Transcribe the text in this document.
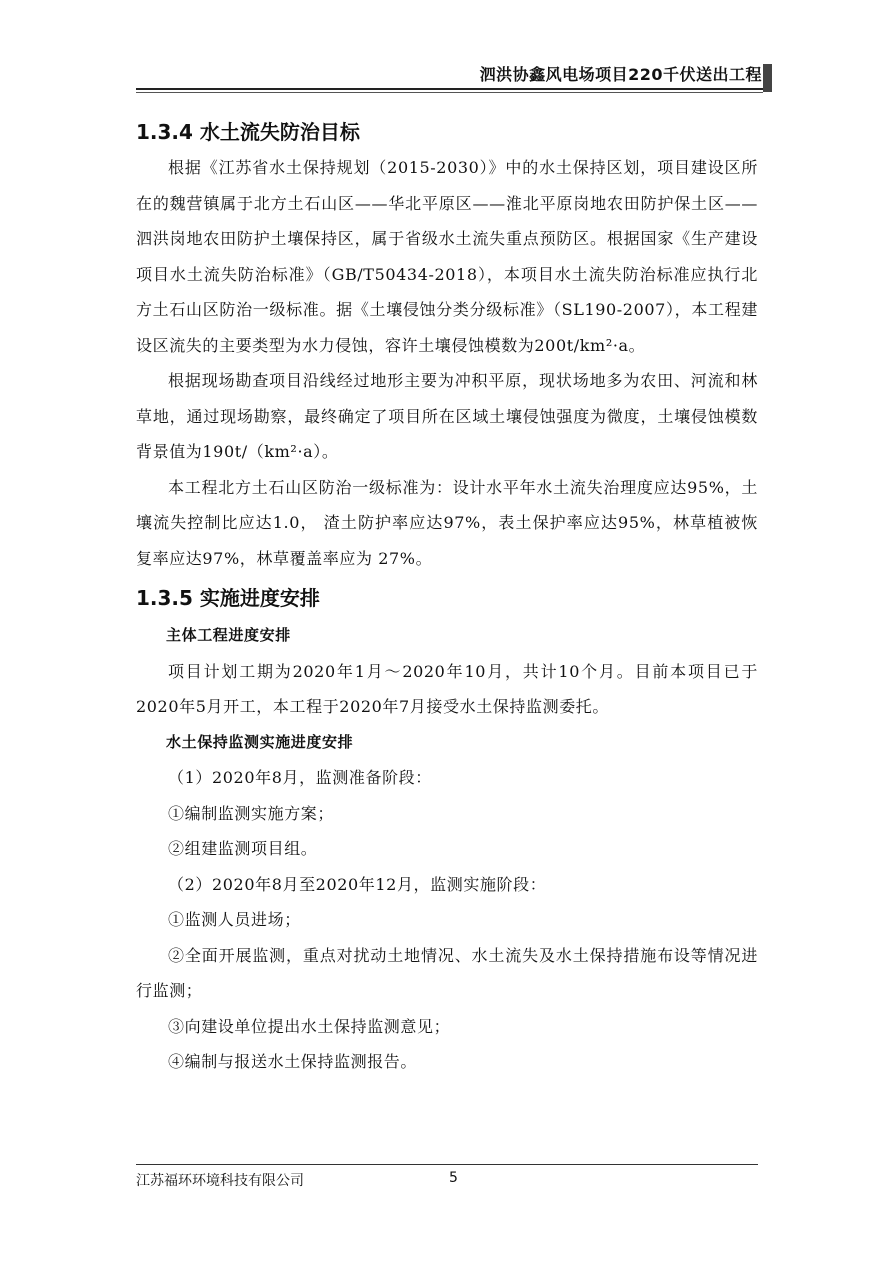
泗洪协鑫风电场项目220千伏送出工程
1.3.4 水土流失防治目标

根据《江苏省水土保持规划（2015-2030）》中的水土保持区划，项目建设区所在的魏营镇属于北方土石山区——华北平原区——淮北平原岗地农田防护保土区——泗洪岗地农田防护土壤保持区，属于省级水土流失重点预防区。根据国家《生产建设项目水土流失防治标准》（GB/T50434-2018），本项目水土流失防治标准应执行北方土石山区防治一级标准。据《土壤侵蚀分类分级标准》（SL190-2007），本工程建设区流失的主要类型为水力侵蚀，容许土壤侵蚀模数为200t/km²·a。

根据现场勘查项目沿线经过地形主要为冲积平原，现状场地多为农田、河流和林草地，通过现场勘察，最终确定了项目所在区域土壤侵蚀强度为微度，土壤侵蚀模数背景值为190t/（km²·a）。

本工程北方土石山区防治一级标准为：设计水平年水土流失治理度应达95%，土壤流失控制比应达1.0， 渣土防护率应达97%，表土保护率应达95%，林草植被恢复率应达97%，林草覆盖率应为 27%。

1.3.5 实施进度安排

主体工程进度安排

项目计划工期为2020年1月～2020年10月，共计10个月。目前本项目已于2020年5月开工，本工程于2020年7月接受水土保持监测委托。

水土保持监测实施进度安排

（1）2020年8月，监测准备阶段：

①编制监测实施方案；

②组建监测项目组。

（2）2020年8月至2020年12月，监测实施阶段：

①监测人员进场；

②全面开展监测，重点对扰动土地情况、水土流失及水土保持措施布设等情况进行监测；

③向建设单位提出水土保持监测意见；

④编制与报送水土保持监测报告。

江苏福环环境科技有限公司	5
